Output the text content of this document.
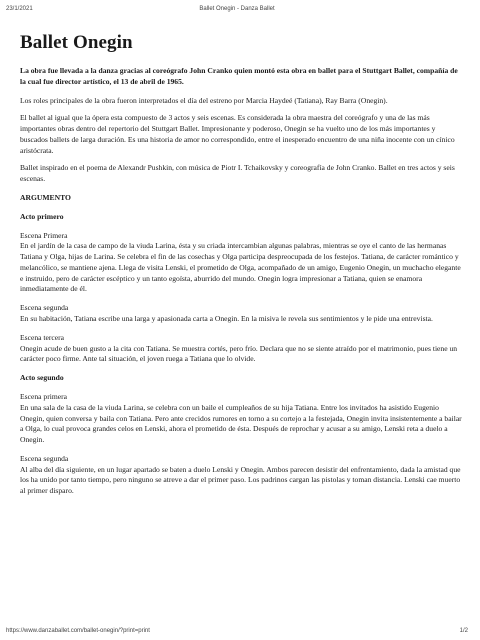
23/1/2021	Ballet Onegin - Danza Ballet
Ballet Onegin

La obra fue llevada a la danza gracias al coreógrafo John Cranko quien montó esta obra en ballet para el Stuttgart Ballet, compañía de la cual fue director artístico, el 13 de abril de 1965.

Los roles principales de la obra fueron interpretados el día del estreno por Marcia Haydeé (Tatiana), Ray Barra (Onegin).

El ballet al igual que la ópera esta compuesto de 3 actos y seis escenas. Es considerada la obra maestra del coreógrafo y una de las más importantes obras dentro del repertorio del Stuttgart Ballet. Impresionante y poderoso, Onegin se ha vuelto uno de los más importantes y buscados ballets de larga duración. Es una historia de amor no correspondido, entre el inesperado encuentro de una niña inocente con un cínico aristócrata.

Ballet inspirado en el poema de Alexandr Pushkin, con música de Piotr I. Tchaikovsky y coreografía de John Cranko. Ballet en tres actos y seis escenas.

ARGUMENTO

Acto primero

Escena Primera

En el jardín de la casa de campo de la viuda Larina, ésta y su criada intercambian algunas palabras, mientras se oye el canto de las hermanas Tatiana y Olga, hijas de Larina. Se celebra el fin de las cosechas y Olga participa despreocupada de los festejos. Tatiana, de carácter romántico y melancólico, se mantiene ajena. Llega de visita Lenski, el prometido de Olga, acompañado de un amigo, Eugenio Onegin, un muchacho elegante e instruido, pero de carácter escéptico y un tanto egoísta, aburrido del mundo. Onegin logra impresionar a Tatiana, quien se enamora inmediatamente de él.

Escena segunda

En su habitación, Tatiana escribe una larga y apasionada carta a Onegin. En la misiva le revela sus sentimientos y le pide una entrevista.

Escena tercera

Onegin acude de buen gusto a la cita con Tatiana. Se muestra cortés, pero frío. Declara que no se siente atraído por el matrimonio, pues tiene un carácter poco firme. Ante tal situación, el joven ruega a Tatiana que lo olvide.

Acto segundo

Escena primera

En una sala de la casa de la viuda Larina, se celebra con un baile el cumpleaños de su hija Tatiana. Entre los invitados ha asistido Eugenio Onegin, quien conversa y baila con Tatiana. Pero ante crecidos rumores en torno a su cortejo a la festejada, Onegin invita insistentemente a bailar a Olga, lo cual provoca grandes celos en Lenski, ahora el prometido de ésta. Después de reprochar y acusar a su amigo, Lenski reta a duelo a Onegin.

Escena segunda

Al alba del día siguiente, en un lugar apartado se baten a duelo Lenski y Onegin. Ambos parecen desistir del enfrentamiento, dada la amistad que los ha unido por tanto tiempo, pero ninguno se atreve a dar el primer paso. Los padrinos cargan las pistolas y toman distancia. Lenski cae muerto al primer disparo.

https://www.danzaballet.com/ballet-onegin/?print=print	1/2
